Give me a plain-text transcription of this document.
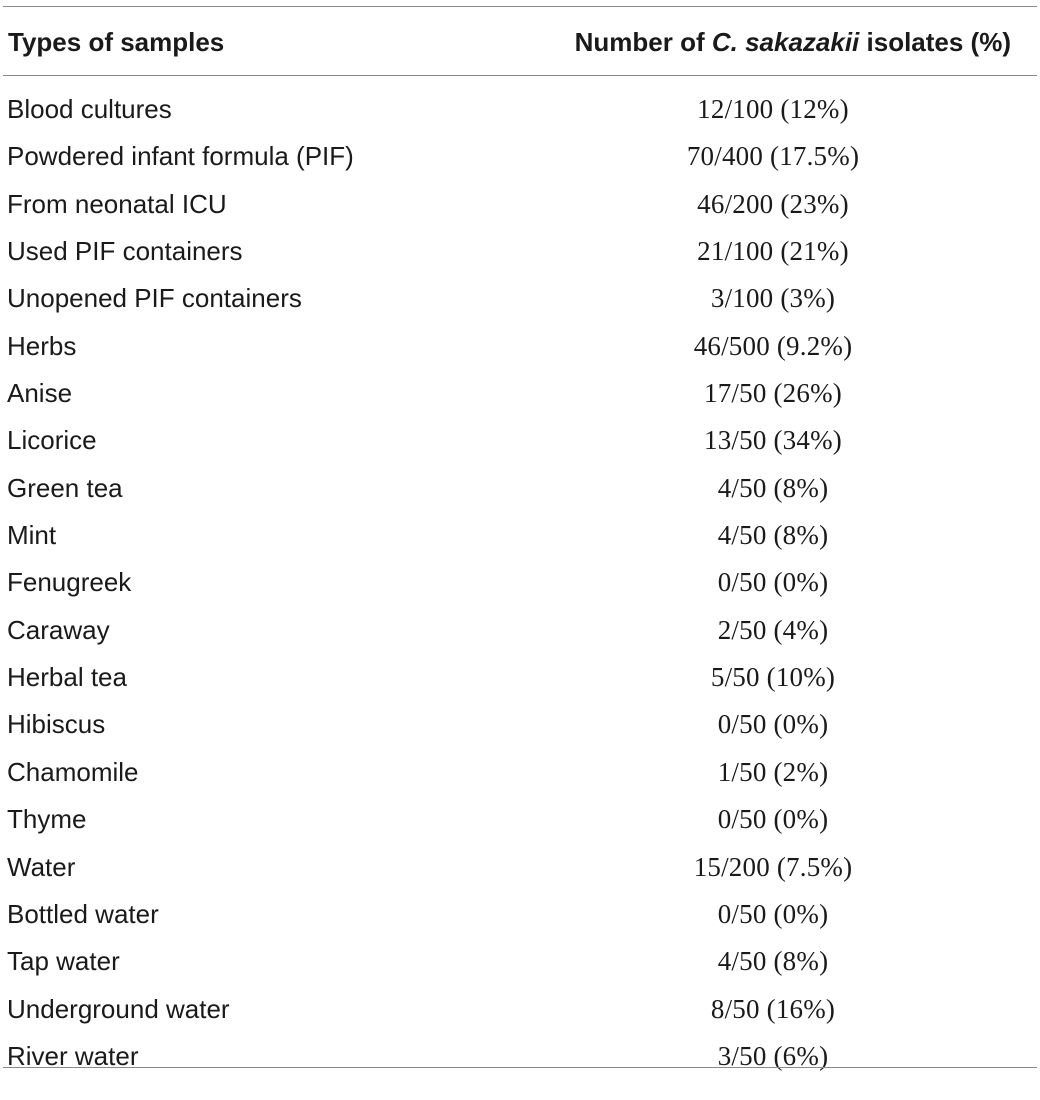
Types of samples	Number of C. sakazakii isolates (%)
Blood cultures	12/100 (12%)
Powdered infant formula (PIF)	70/400 (17.5%)
From neonatal ICU	46/200 (23%)
Used PIF containers	21/100 (21%)
Unopened PIF containers	3/100 (3%)
Herbs	46/500 (9.2%)
Anise	17/50 (26%)
Licorice	13/50 (34%)
Green tea	4/50 (8%)
Mint	4/50 (8%)
Fenugreek	0/50 (0%)
Caraway	2/50 (4%)
Herbal tea	5/50 (10%)
Hibiscus	0/50 (0%)
Chamomile	1/50 (2%)
Thyme	0/50 (0%)
Water	15/200 (7.5%)
Bottled water	0/50 (0%)
Tap water	4/50 (8%)
Underground water	8/50 (16%)
River water	3/50 (6%)
